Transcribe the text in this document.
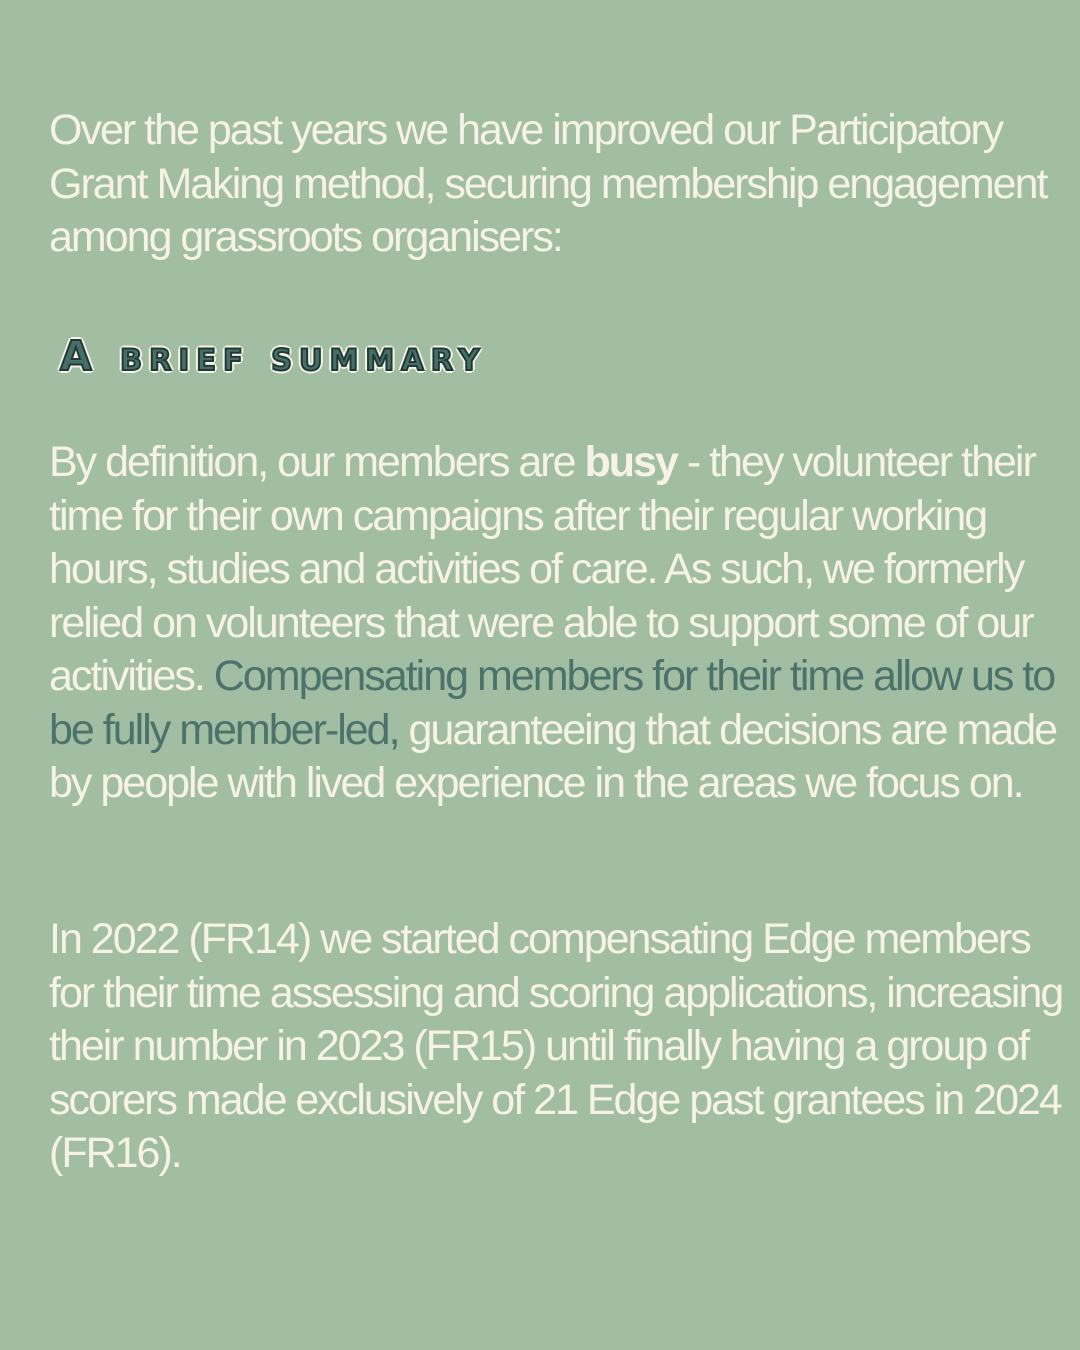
Over the past years we have improved our Participatory Grant Making method, securing membership engagement among grassroots organisers:

A brief summary

By definition, our members are busy - they volunteer their time for their own campaigns after their regular working hours, studies and activities of care. As such, we formerly relied on volunteers that were able to support some of our activities. Compensating members for their time allow us to be fully member-led, guaranteeing that decisions are made by people with lived experience in the areas we focus on.

In 2022 (FR14) we started compensating Edge members for their time assessing and scoring applications, increasing their number in 2023 (FR15) until finally having a group of scorers made exclusively of 21 Edge past grantees in 2024 (FR16).
